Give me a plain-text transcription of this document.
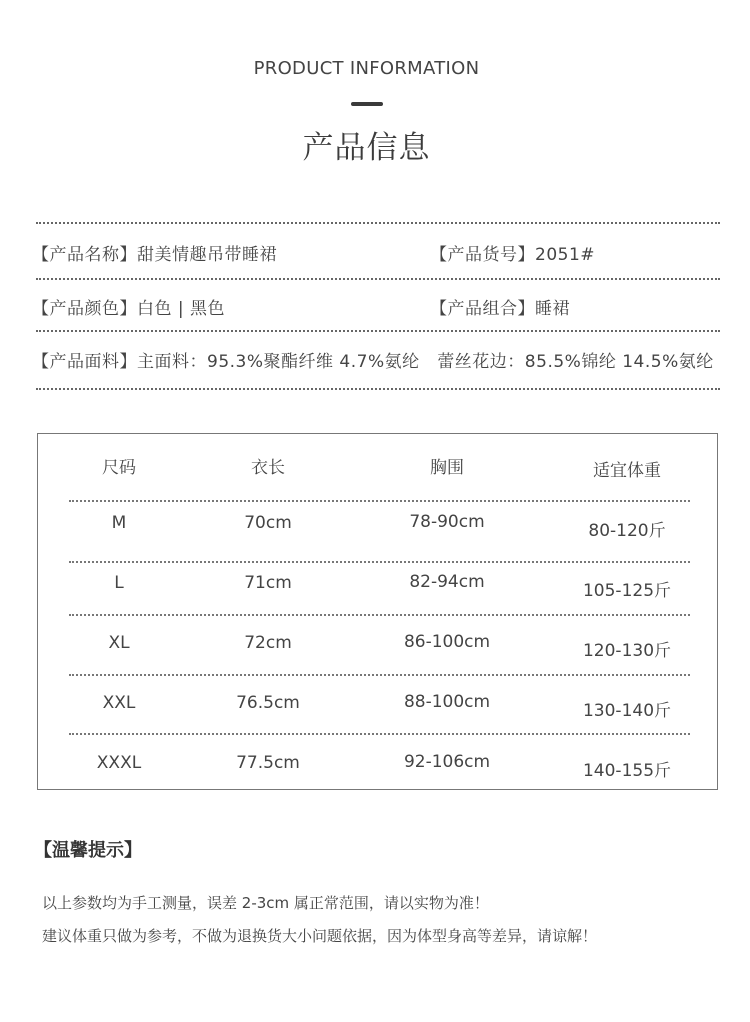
PRODUCT INFORMATION
产品信息
【产品名称】甜美情趣吊带睡裙	【产品货号】2051#
【产品颜色】白色 | 黑色	【产品组合】睡裙
【产品面料】主面料：95.3%聚酯纤维 4.7%氨纶   蕾丝花边：85.5%锦纶 14.5%氨纶
尺码	衣长	胸围	适宜体重
M	70cm	78-90cm	80-120斤
L	71cm	82-94cm	105-125斤
XL	72cm	86-100cm	120-130斤
XXL	76.5cm	88-100cm	130-140斤
XXXL	77.5cm	92-106cm	140-155斤
【温馨提示】
以上参数均为手工测量，误差 2-3cm 属正常范围，请以实物为准！
建议体重只做为参考，不做为退换货大小问题依据，因为体型身高等差异，请谅解！
